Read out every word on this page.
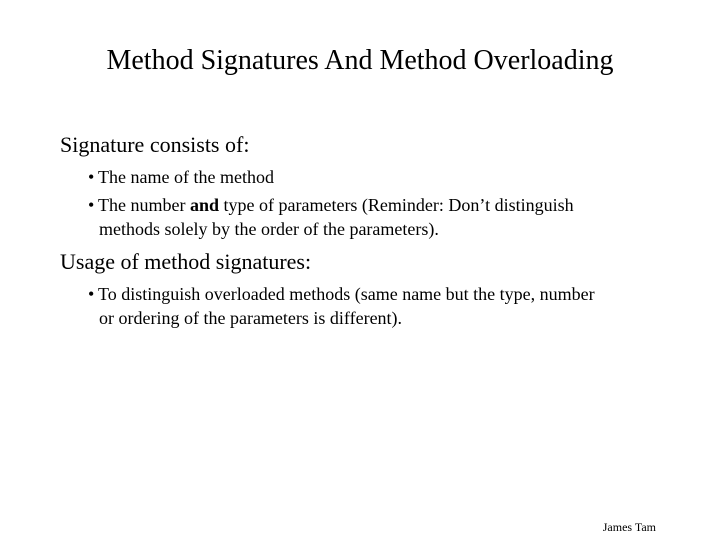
Method Signatures And Method Overloading
Signature consists of:
• The name of the method
• The number and type of parameters (Reminder: Don’t distinguish
methods solely by the order of the parameters).
Usage of method signatures:
• To distinguish overloaded methods (same name but the type, number
or ordering of the parameters is different).
James Tam
